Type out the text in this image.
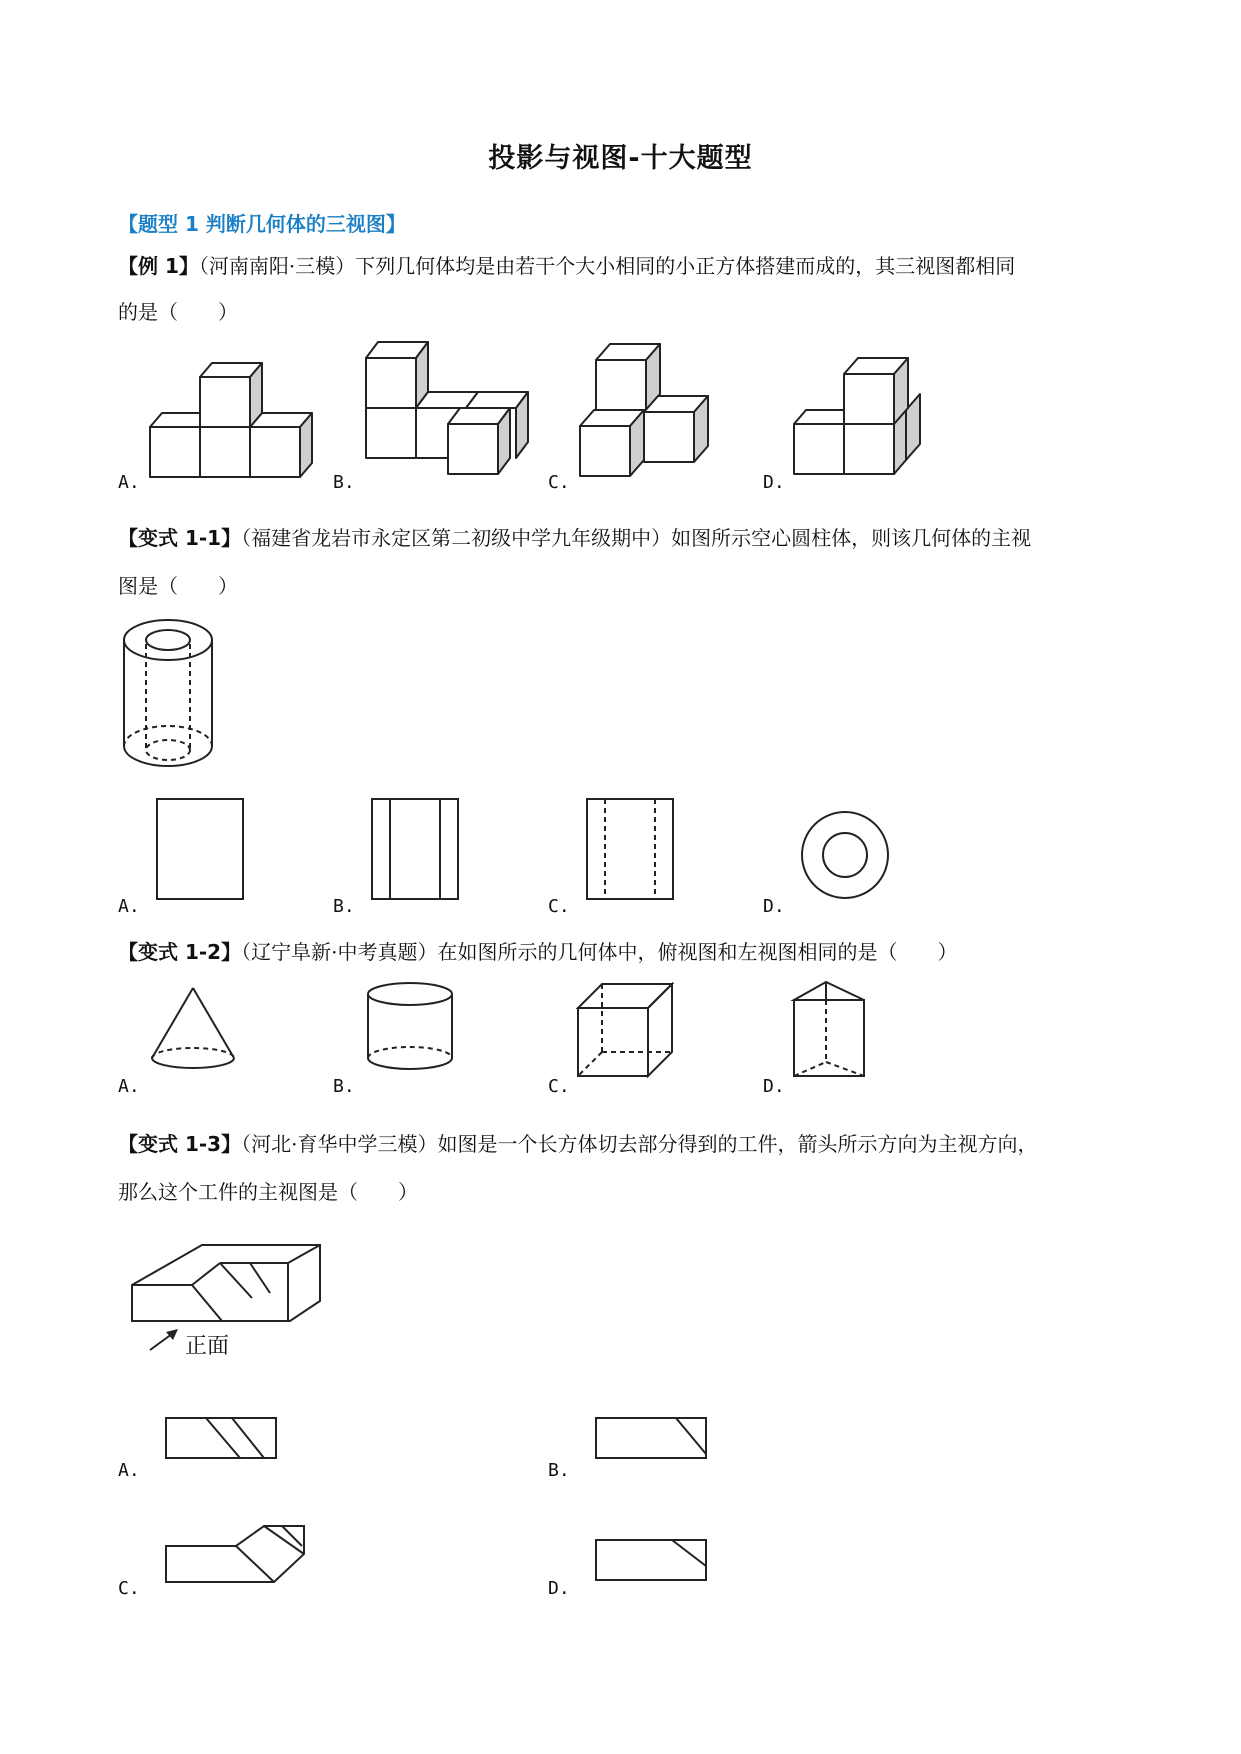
投影与视图-十大题型
【题型 1 判断几何体的三视图】
【例 1】（河南南阳·三模）下列几何体均是由若干个大小相同的小正方体搭建而成的，其三视图都相同
的是（　　）
A.	B.	C.	D.
【变式 1-1】（福建省龙岩市永定区第二初级中学九年级期中）如图所示空心圆柱体，则该几何体的主视
图是（　　）
A.	B.	C.	D.
【变式 1-2】（辽宁阜新·中考真题）在如图所示的几何体中，俯视图和左视图相同的是（　　）
A.	B.	C.	D.
【变式 1-3】（河北·育华中学三模）如图是一个长方体切去部分得到的工件，箭头所示方向为主视方向，
那么这个工件的主视图是（　　）
正面
A.	B.
C.	D.
